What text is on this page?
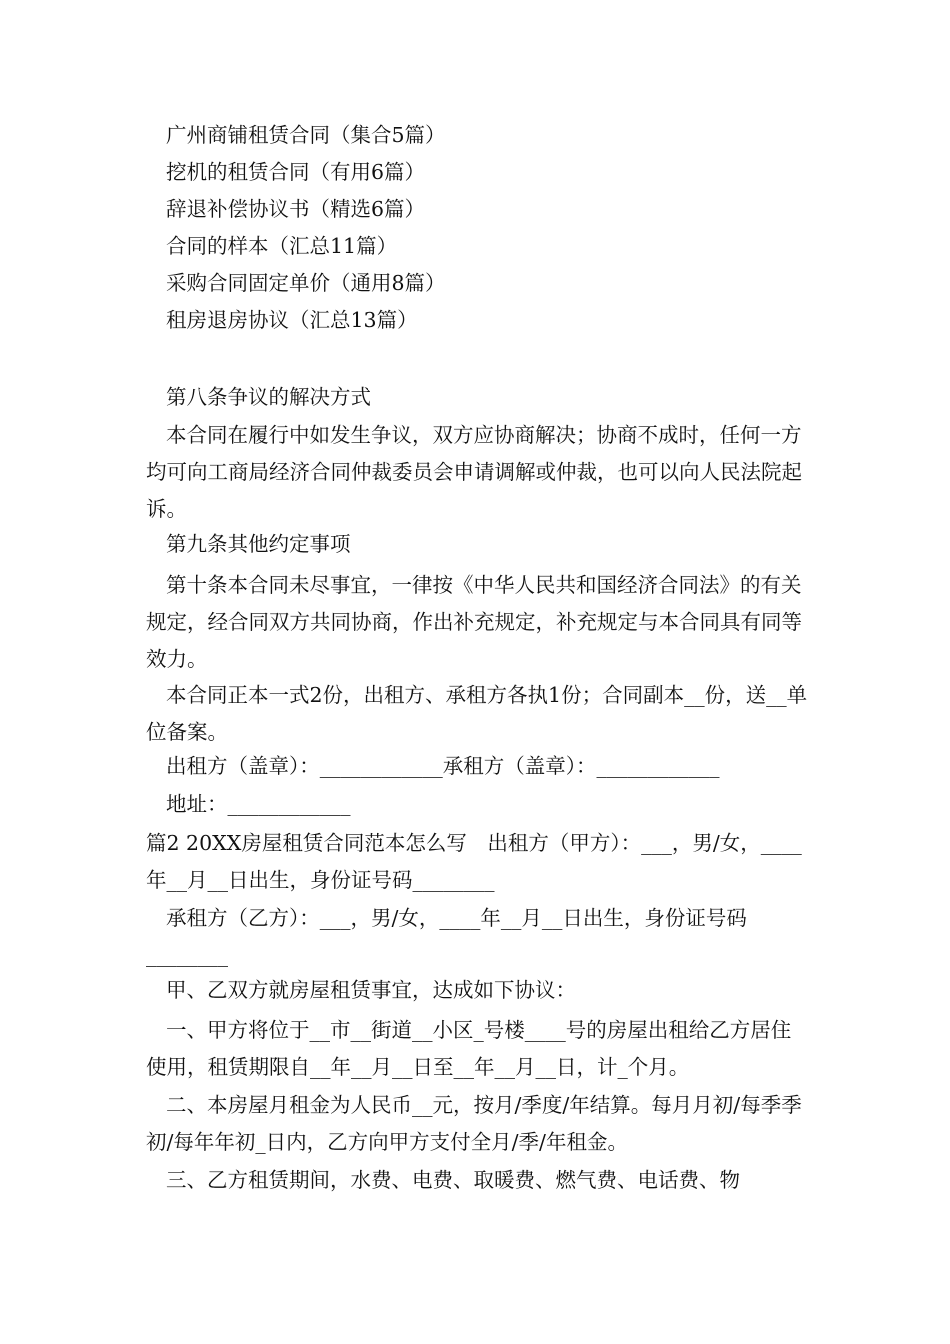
广州商铺租赁合同（集合5篇）
挖机的租赁合同（有用6篇）
辞退补偿协议书（精选6篇）
合同的样本（汇总11篇）
采购合同固定单价（通用8篇）
租房退房协议（汇总13篇）
第八条争议的解决方式
本合同在履行中如发生争议，双方应协商解决；协商不成时，任何一方均可向工商局经济合同仲裁委员会申请调解或仲裁，也可以向人民法院起诉。
第九条其他约定事项
第十条本合同未尽事宜，一律按《中华人民共和国经济合同法》的有关规定，经合同双方共同协商，作出补充规定，补充规定与本合同具有同等效力。
本合同正本一式2份，出租方、承租方各执1份；合同副本__份，送__单位备案。
出租方（盖章）：____________承租方（盖章）：____________
地址：____________
篇2 20XX房屋租赁合同范本怎么写　出租方（甲方）：___，男/女，____年__月__日出生，身份证号码________
承租方（乙方）：___，男/女，____年__月__日出生，身份证号码________
甲、乙双方就房屋租赁事宜，达成如下协议：
一、甲方将位于__市__街道__小区_号楼____号的房屋出租给乙方居住使用，租赁期限自__年__月__日至__年__月__日，计_个月。
二、本房屋月租金为人民币__元，按月/季度/年结算。每月月初/每季季初/每年年初_日内，乙方向甲方支付全月/季/年租金。
三、乙方租赁期间，水费、电费、取暖费、燃气费、电话费、物
